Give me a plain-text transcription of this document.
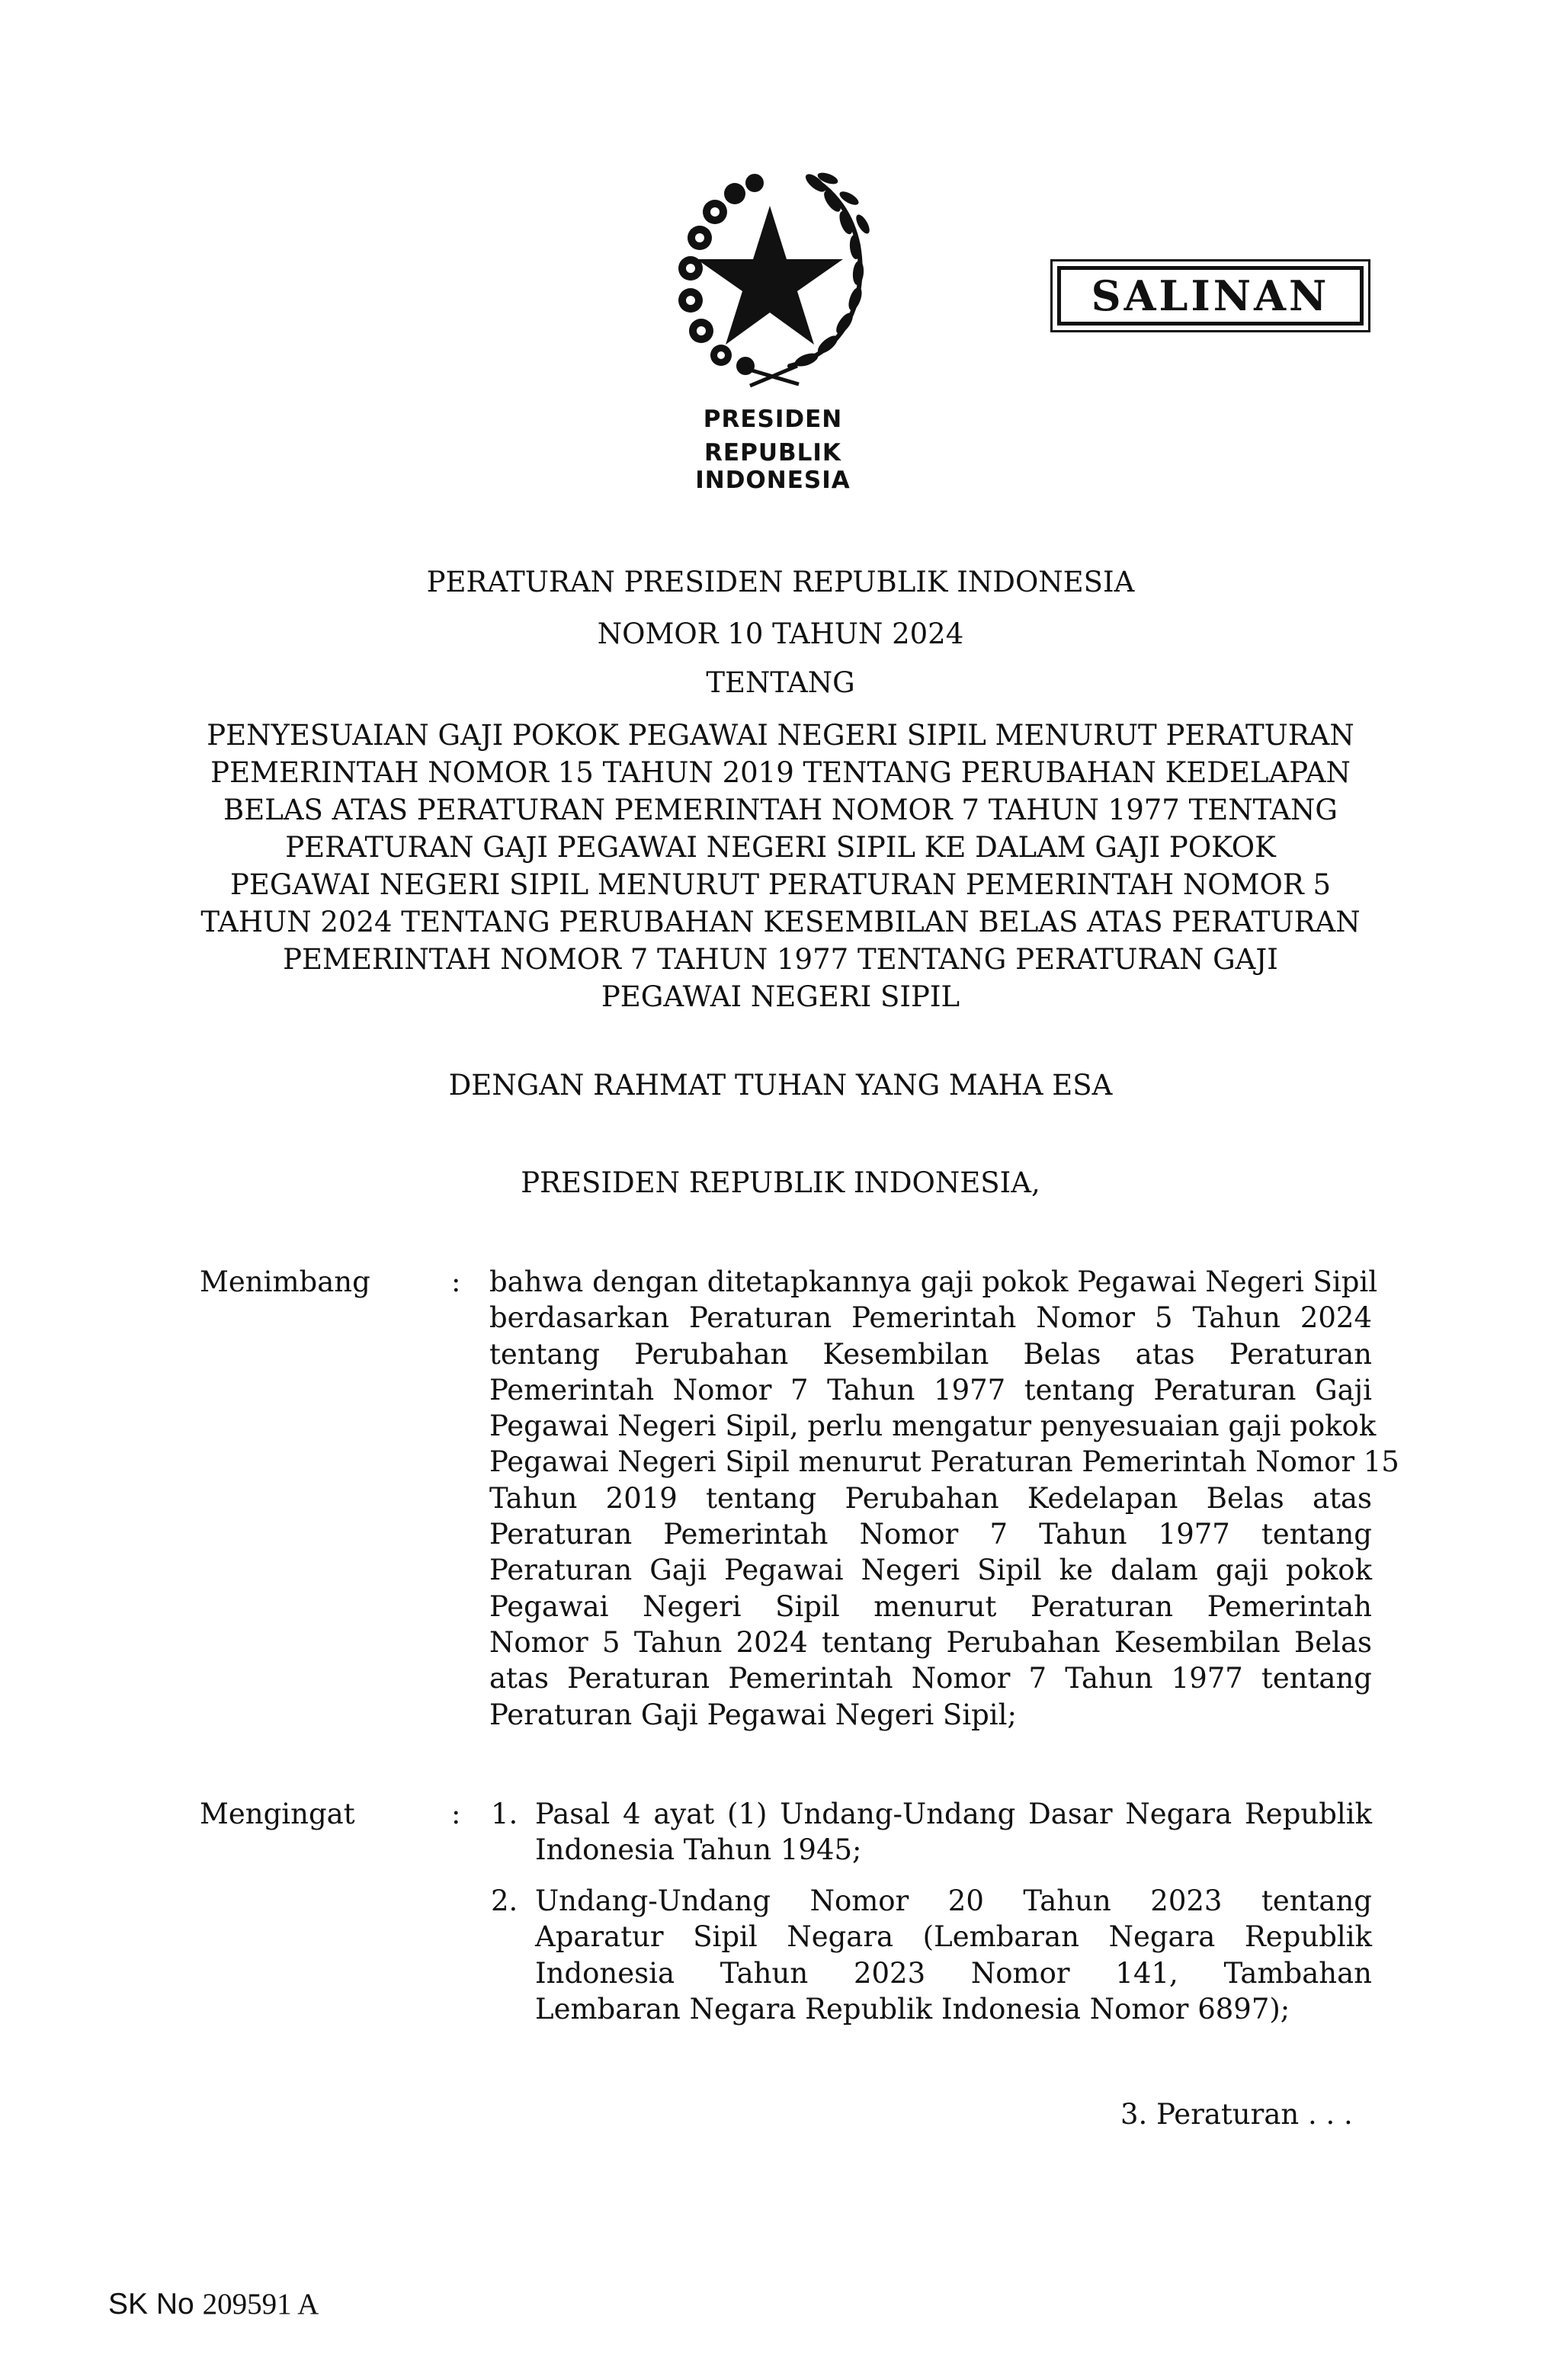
PRESIDEN
REPUBLIK INDONESIA
SALINAN
PERATURAN PRESIDEN REPUBLIK INDONESIA
NOMOR 10 TAHUN 2024
TENTANG
PENYESUAIAN GAJI POKOK PEGAWAI NEGERI SIPIL MENURUT PERATURAN
PEMERINTAH NOMOR 15 TAHUN 2019 TENTANG PERUBAHAN KEDELAPAN
BELAS ATAS PERATURAN PEMERINTAH NOMOR 7 TAHUN 1977 TENTANG
PERATURAN GAJI PEGAWAI NEGERI SIPIL KE DALAM GAJI POKOK
PEGAWAI NEGERI SIPIL MENURUT PERATURAN PEMERINTAH NOMOR 5
TAHUN 2024 TENTANG PERUBAHAN KESEMBILAN BELAS ATAS PERATURAN
PEMERINTAH NOMOR 7 TAHUN 1977 TENTANG PERATURAN GAJI
PEGAWAI NEGERI SIPIL
DENGAN RAHMAT TUHAN YANG MAHA ESA
PRESIDEN REPUBLIK INDONESIA,
Menimbang	: bahwa dengan ditetapkannya gaji pokok Pegawai Negeri Sipil
berdasarkan Peraturan Pemerintah Nomor 5 Tahun 2024
tentang Perubahan Kesembilan Belas atas Peraturan
Pemerintah Nomor 7 Tahun 1977 tentang Peraturan Gaji
Pegawai Negeri Sipil, perlu mengatur penyesuaian gaji pokok
Pegawai Negeri Sipil menurut Peraturan Pemerintah Nomor 15
Tahun 2019 tentang Perubahan Kedelapan Belas atas
Peraturan Pemerintah Nomor 7 Tahun 1977 tentang
Peraturan Gaji Pegawai Negeri Sipil ke dalam gaji pokok
Pegawai Negeri Sipil menurut Peraturan Pemerintah
Nomor 5 Tahun 2024 tentang Perubahan Kesembilan Belas
atas Peraturan Pemerintah Nomor 7 Tahun 1977 tentang
Peraturan Gaji Pegawai Negeri Sipil;
Mengingat	: 1. Pasal 4 ayat (1) Undang-Undang Dasar Negara Republik
Indonesia Tahun 1945;
2. Undang-Undang Nomor 20 Tahun 2023 tentang
Aparatur Sipil Negara (Lembaran Negara Republik
Indonesia Tahun 2023 Nomor 141, Tambahan
Lembaran Negara Republik Indonesia Nomor 6897);
3. Peraturan . . .
SK No 209591 A
